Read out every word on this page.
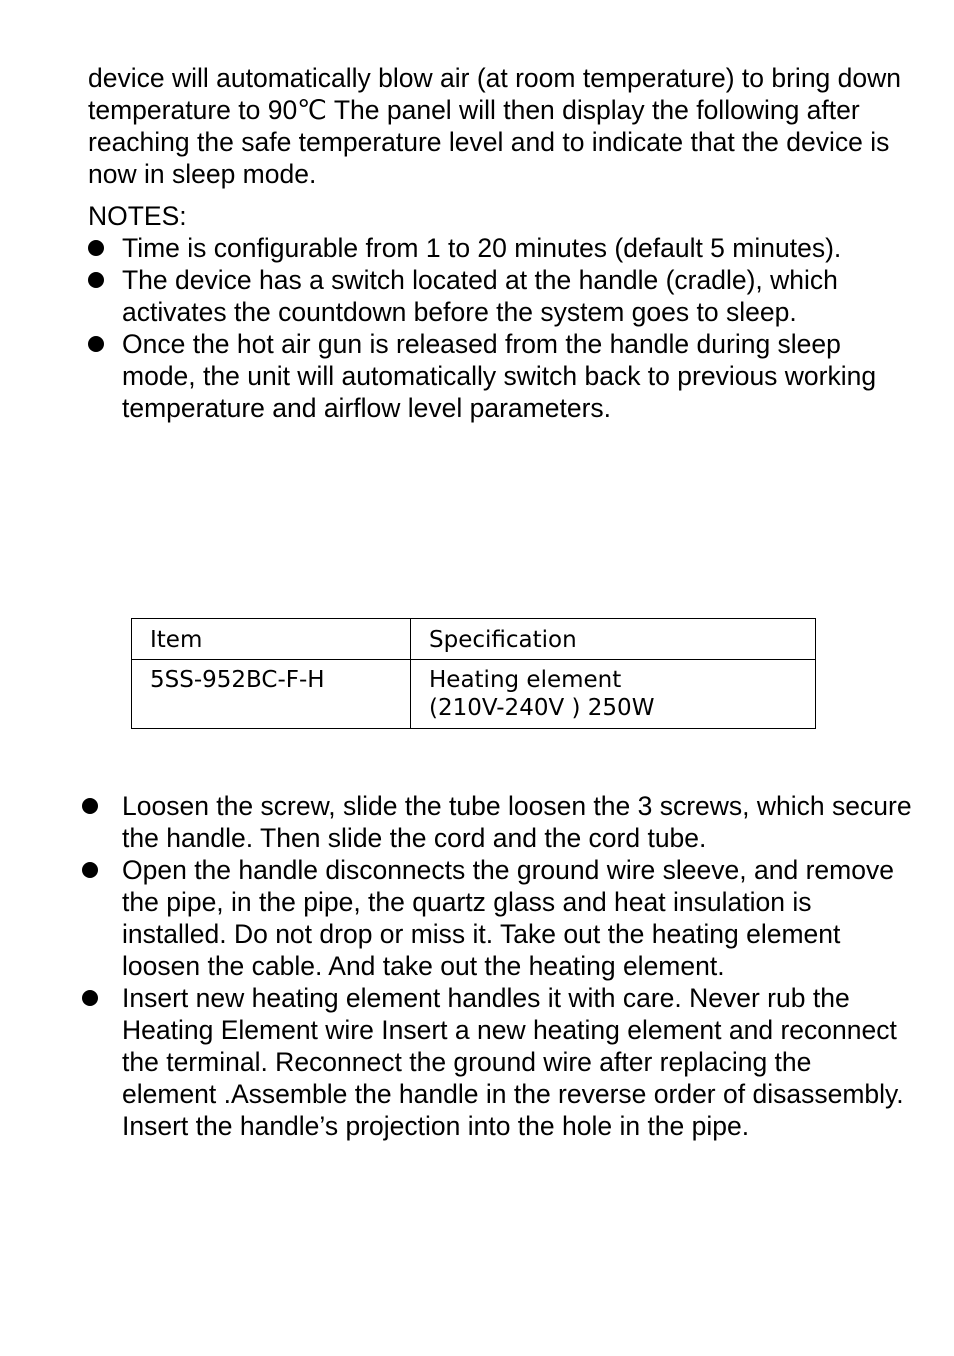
device will automatically blow air (at room temperature) to bring down temperature to 90℃ The panel will then display the following after reaching the safe temperature level and to indicate that the device is now in sleep mode.

NOTES:

Time is configurable from 1 to 20 minutes (default 5 minutes).
The device has a switch located at the handle (cradle), which activates the countdown before the system goes to sleep.
Once the hot air gun is released from the handle during sleep mode, the unit will automatically switch back to previous working temperature and airflow level parameters.
Item	Specification
5SS-952BC-F-H	Heating element
(210V-240V ) 250W
Loosen the screw, slide the tube loosen the 3 screws, which secure the handle. Then slide the cord and the cord tube.
Open the handle disconnects the ground wire sleeve, and remove the pipe, in the pipe, the quartz glass and heat insulation is installed. Do not drop or miss it. Take out the heating element loosen the cable. And take out the heating element.
Insert new heating element handles it with care. Never rub the Heating Element wire Insert a new heating element and reconnect the terminal. Reconnect the ground wire after replacing the element .Assemble the handle in the reverse order of disassembly. Insert the handle’s projection into the hole in the pipe.
